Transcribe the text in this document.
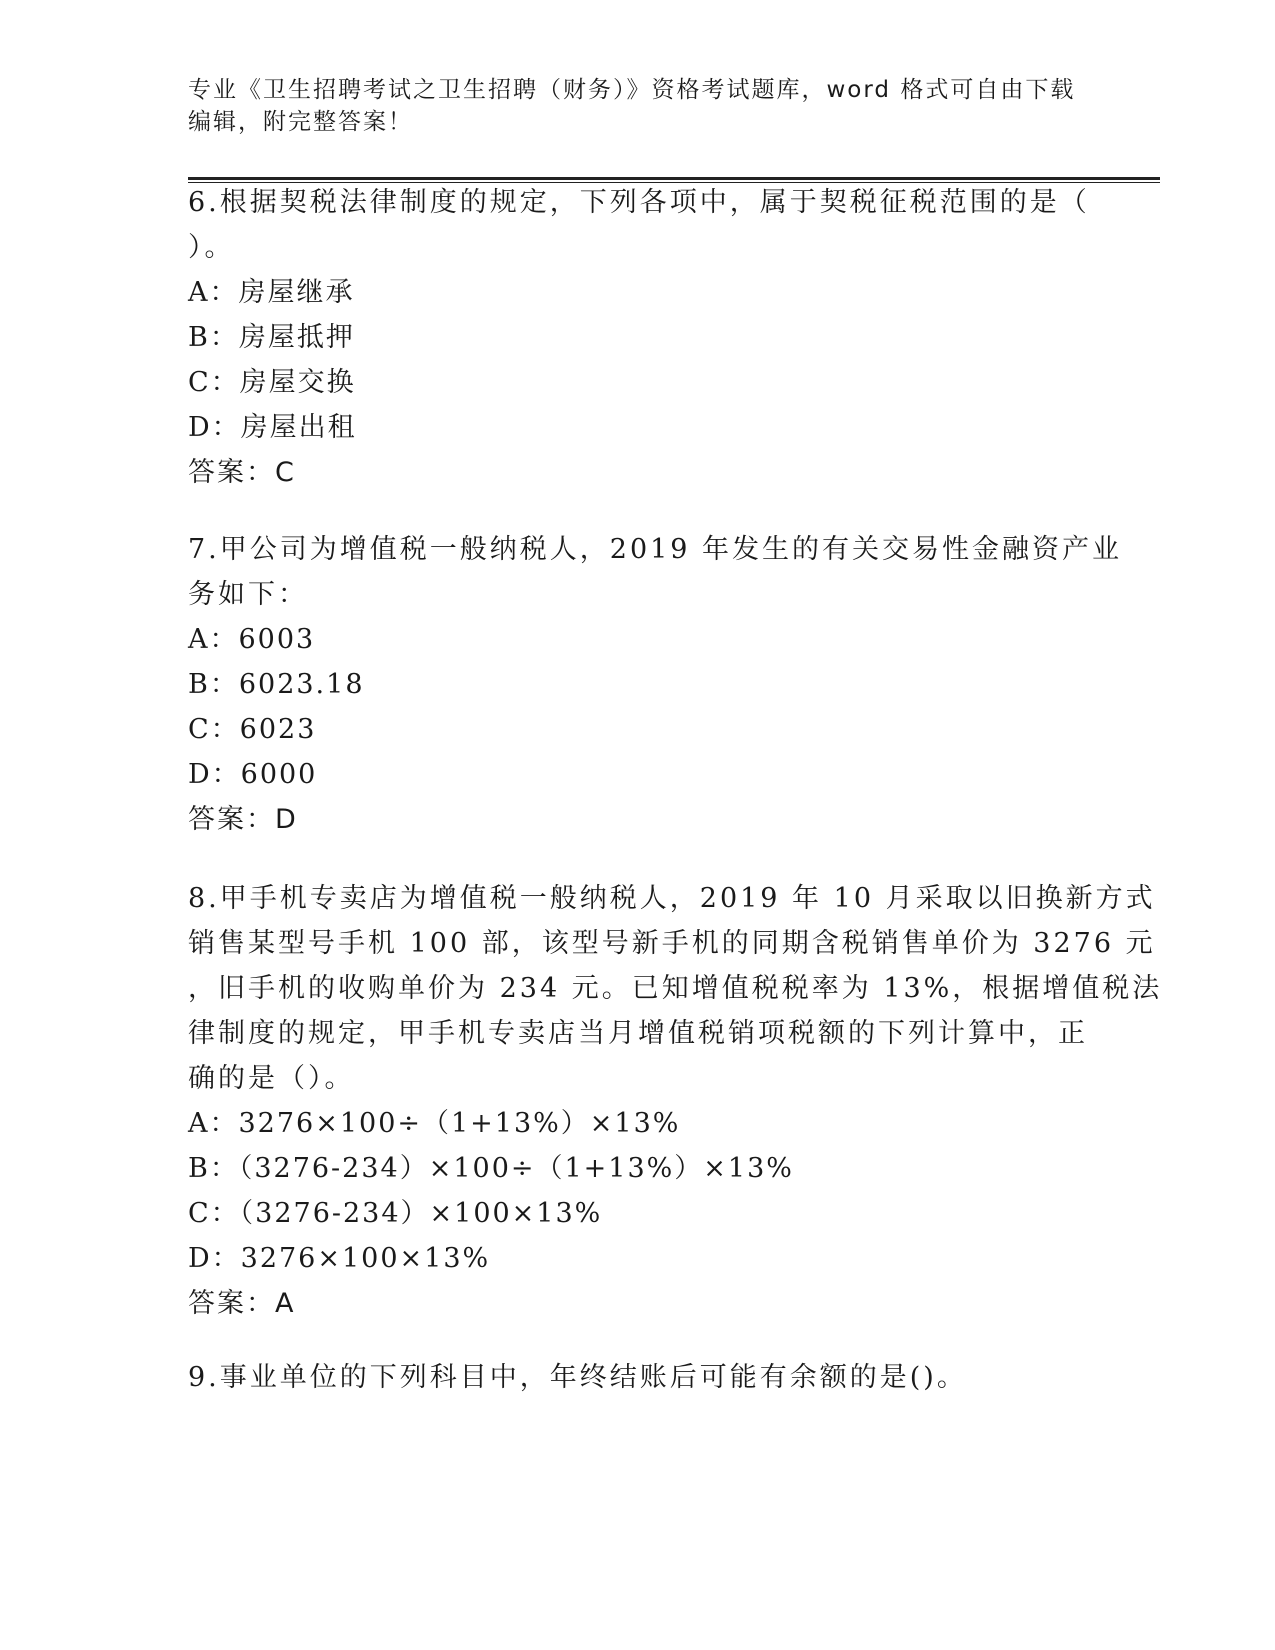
专业《卫生招聘考试之卫生招聘（财务）》资格考试题库，word 格式可自由下载
编辑，附完整答案！
6.根据契税法律制度的规定，下列各项中，属于契税征税范围的是（
）。
A：房屋继承
B：房屋抵押
C：房屋交换
D：房屋出租
答案：C
7.甲公司为增值税一般纳税人，2019 年发生的有关交易性金融资产业
务如下：
A：6003
B：6023.18
C：6023
D：6000
答案：D
8.甲手机专卖店为增值税一般纳税人，2019 年 10 月采取以旧换新方式
销售某型号手机 100 部，该型号新手机的同期含税销售单价为 3276 元
，旧手机的收购单价为 234 元。已知增值税税率为 13%，根据增值税法
律制度的规定，甲手机专卖店当月增值税销项税额的下列计算中，正
确的是（）。
A：3276×100÷（1+13%）×13%
B：（3276-234）×100÷（1+13%）×13%
C：（3276-234）×100×13%
D：3276×100×13%
答案：A
9.事业单位的下列科目中，年终结账后可能有余额的是()。
